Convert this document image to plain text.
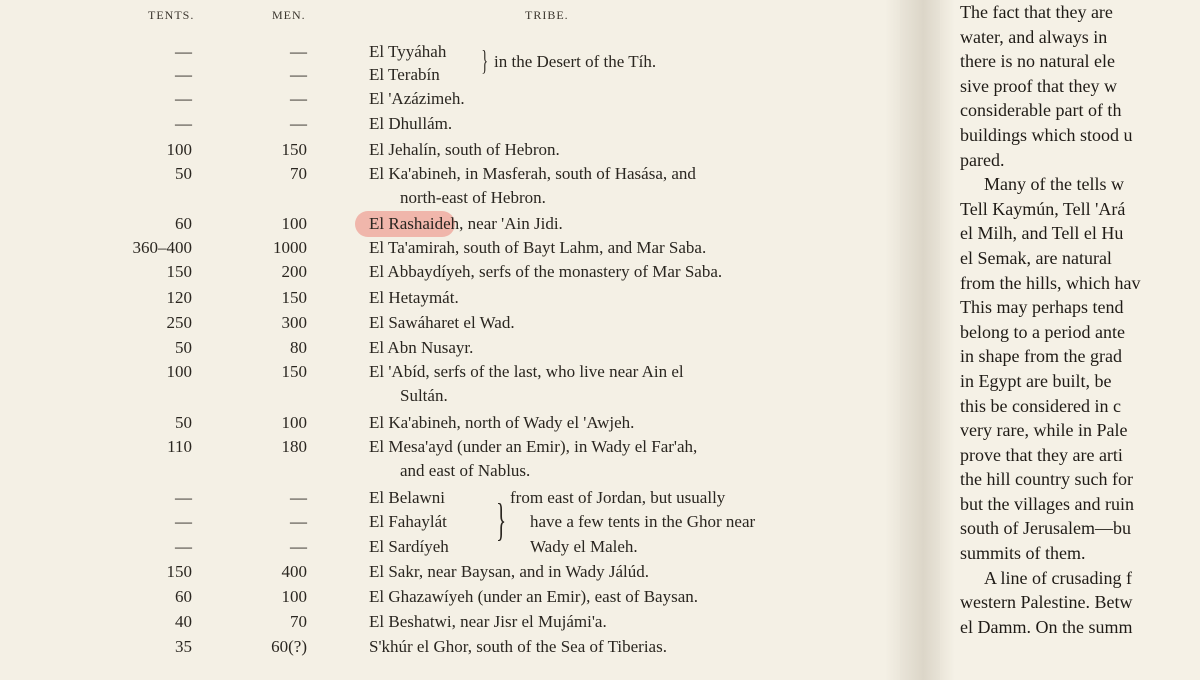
TENTS.	MEN.	TRIBE.
—	—	El Tyyáhah
—	—	El Terabín
—	—	El 'Azázimeh.
—	—	El Dhullám.
100	150	El Jehalín, south of Hebron.
50	70	El Ka'abineh, in Masferah, south of Hasása, and
north-east of Hebron.
60	100	El Rashaideh, near 'Ain Jidi.
360–400	1000	El Ta'amirah, south of Bayt Lahm, and Mar Saba.
150	200	El Abbaydíyeh, serfs of the monastery of Mar Saba.
120	150	El Hetaymát.
250	300	El Sawáharet el Wad.
50	80	El Abn Nusayr.
100	150	El 'Abíd, serfs of the last, who live near Ain el
Sultán.
50	100	El Ka'abineh, north of Wady el 'Awjeh.
110	180	El Mesa'ayd (under an Emir), in Wady el Far'ah,
and east of Nablus.
—	—	El Belawni
—	—	El Fahaylát
—	—	El Sardíyeh
150	400	El Sakr, near Baysan, and in Wady Jálúd.
60	100	El Ghazawíyeh (under an Emir), east of Baysan.
40	70	El Beshatwi, near Jisr el Mujámi'a.
35	60(?)	S'khúr el Ghor, south of the Sea of Tiberias.
} in the Desert of the Tíh.
} from east of Jordan, but usually
have a few tents in the Ghor near
Wady el Maleh.

The fact that they are

water, and always in

there is no natural ele

sive proof that they w

considerable part of th

buildings which stood u

pared.

Many of the tells w

Tell Kaymún, Tell 'Ará

el Milh, and Tell el Hu

el Semak, are natural

from the hills, which hav

This may perhaps tend

belong to a period ante

in shape from the grad

in Egypt are built, be

this be considered in c

very rare, while in Pale

prove that they are arti

the hill country such for

but the villages and ruin

south of Jerusalem—bu

summits of them.

A line of crusading f

western Palestine. Betw

el Damm. On the summ
